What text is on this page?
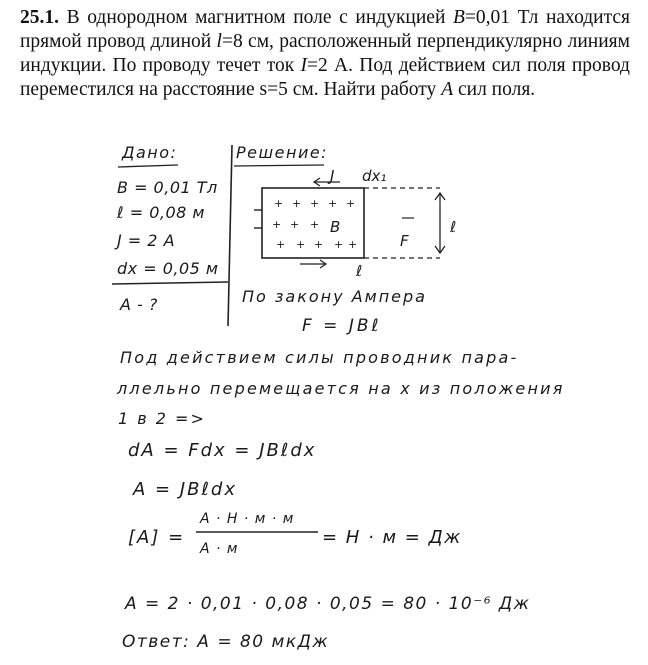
25.1. В однородном магнитном поле с индукцией B=0,01 Тл находится прямой провод длиной l=8 см, расположенный перпендикулярно линиям индукции. По проводу течет ток I=2 А. Под действием сил поля провод переместился на расстояние s=5 см. Найти работу A сил поля.
+ + + + +
+ + +
+ + + + +
J dx₁
B
F
ℓ
ℓ
Дано:
B = 0,01 Тл
ℓ = 0,08 м
J = 2 A
dx = 0,05 м
A - ?
Решение:
По закону Ампера
F = JBℓ
Под действием силы проводник пара-
ллельно перемещается на x из положения
1 в 2 =>
dA = Fdx = JBℓdx
A = JBℓdx
[A] =
A · H · м · м
A · м
= H · м = Дж
A = 2 · 0,01 · 0,08 · 0,05 = 80 · 10⁻⁶ Дж
Ответ: A = 80 мкДж
